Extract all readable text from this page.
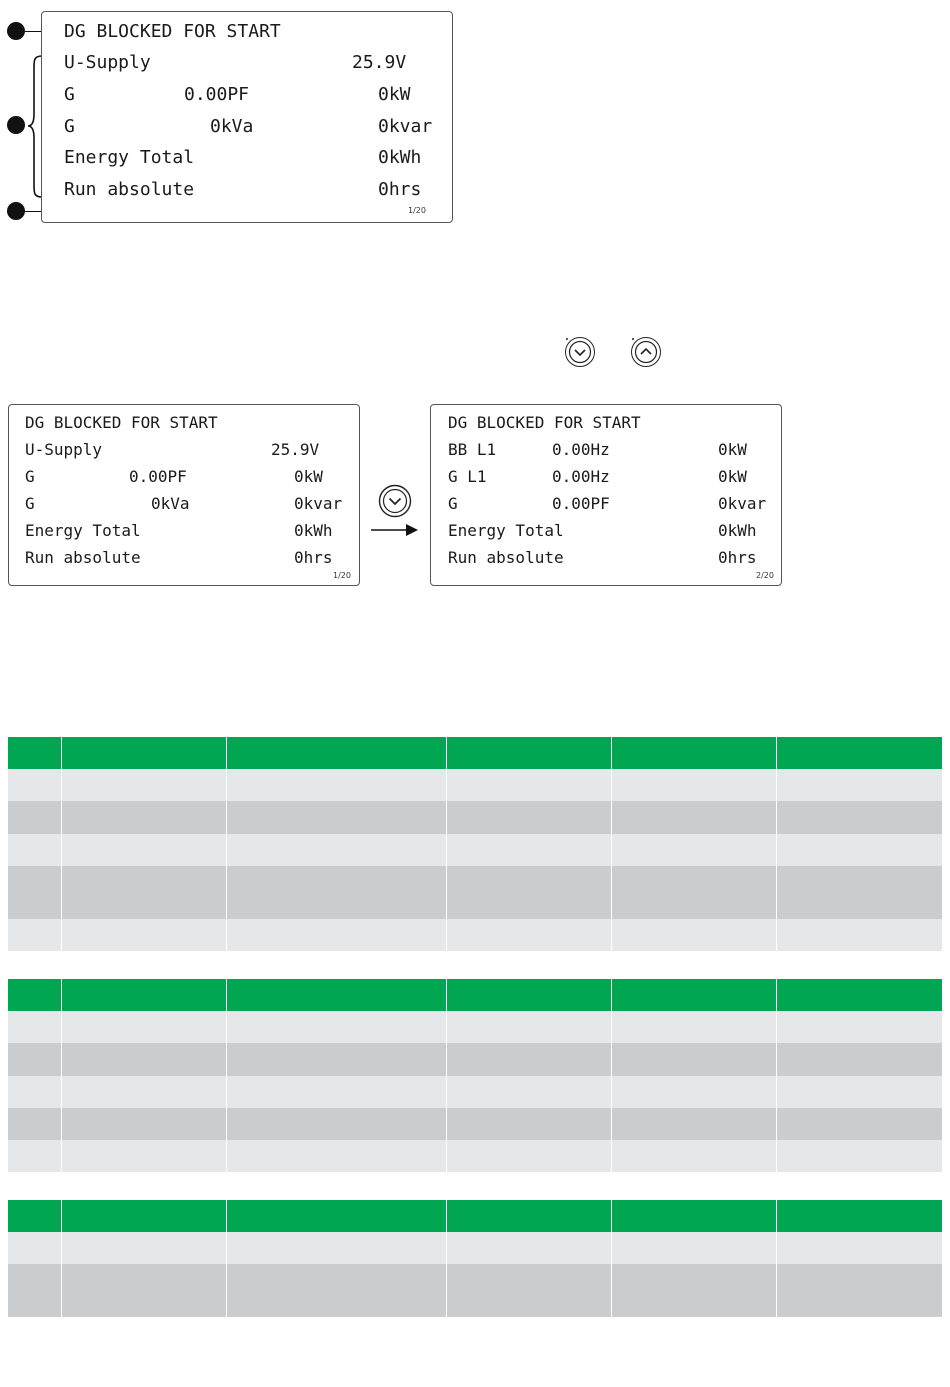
DG BLOCKED FOR START
U-Supply	25.9V
G	0.00PF	0kW
G	0kVa	0kvar
Energy Total	0kWh
Run absolute	0hrs
1/20
DG BLOCKED FOR START
U-Supply	25.9V
G	0.00PF	0kW
G	0kVa	0kvar
Energy Total	0kWh
Run absolute	0hrs
1/20
DG BLOCKED FOR START
BB L1	0.00Hz	0kW
G L1	0.00Hz	0kW
G	0.00PF	0kvar
Energy Total	0kWh
Run absolute	0hrs
2/20
